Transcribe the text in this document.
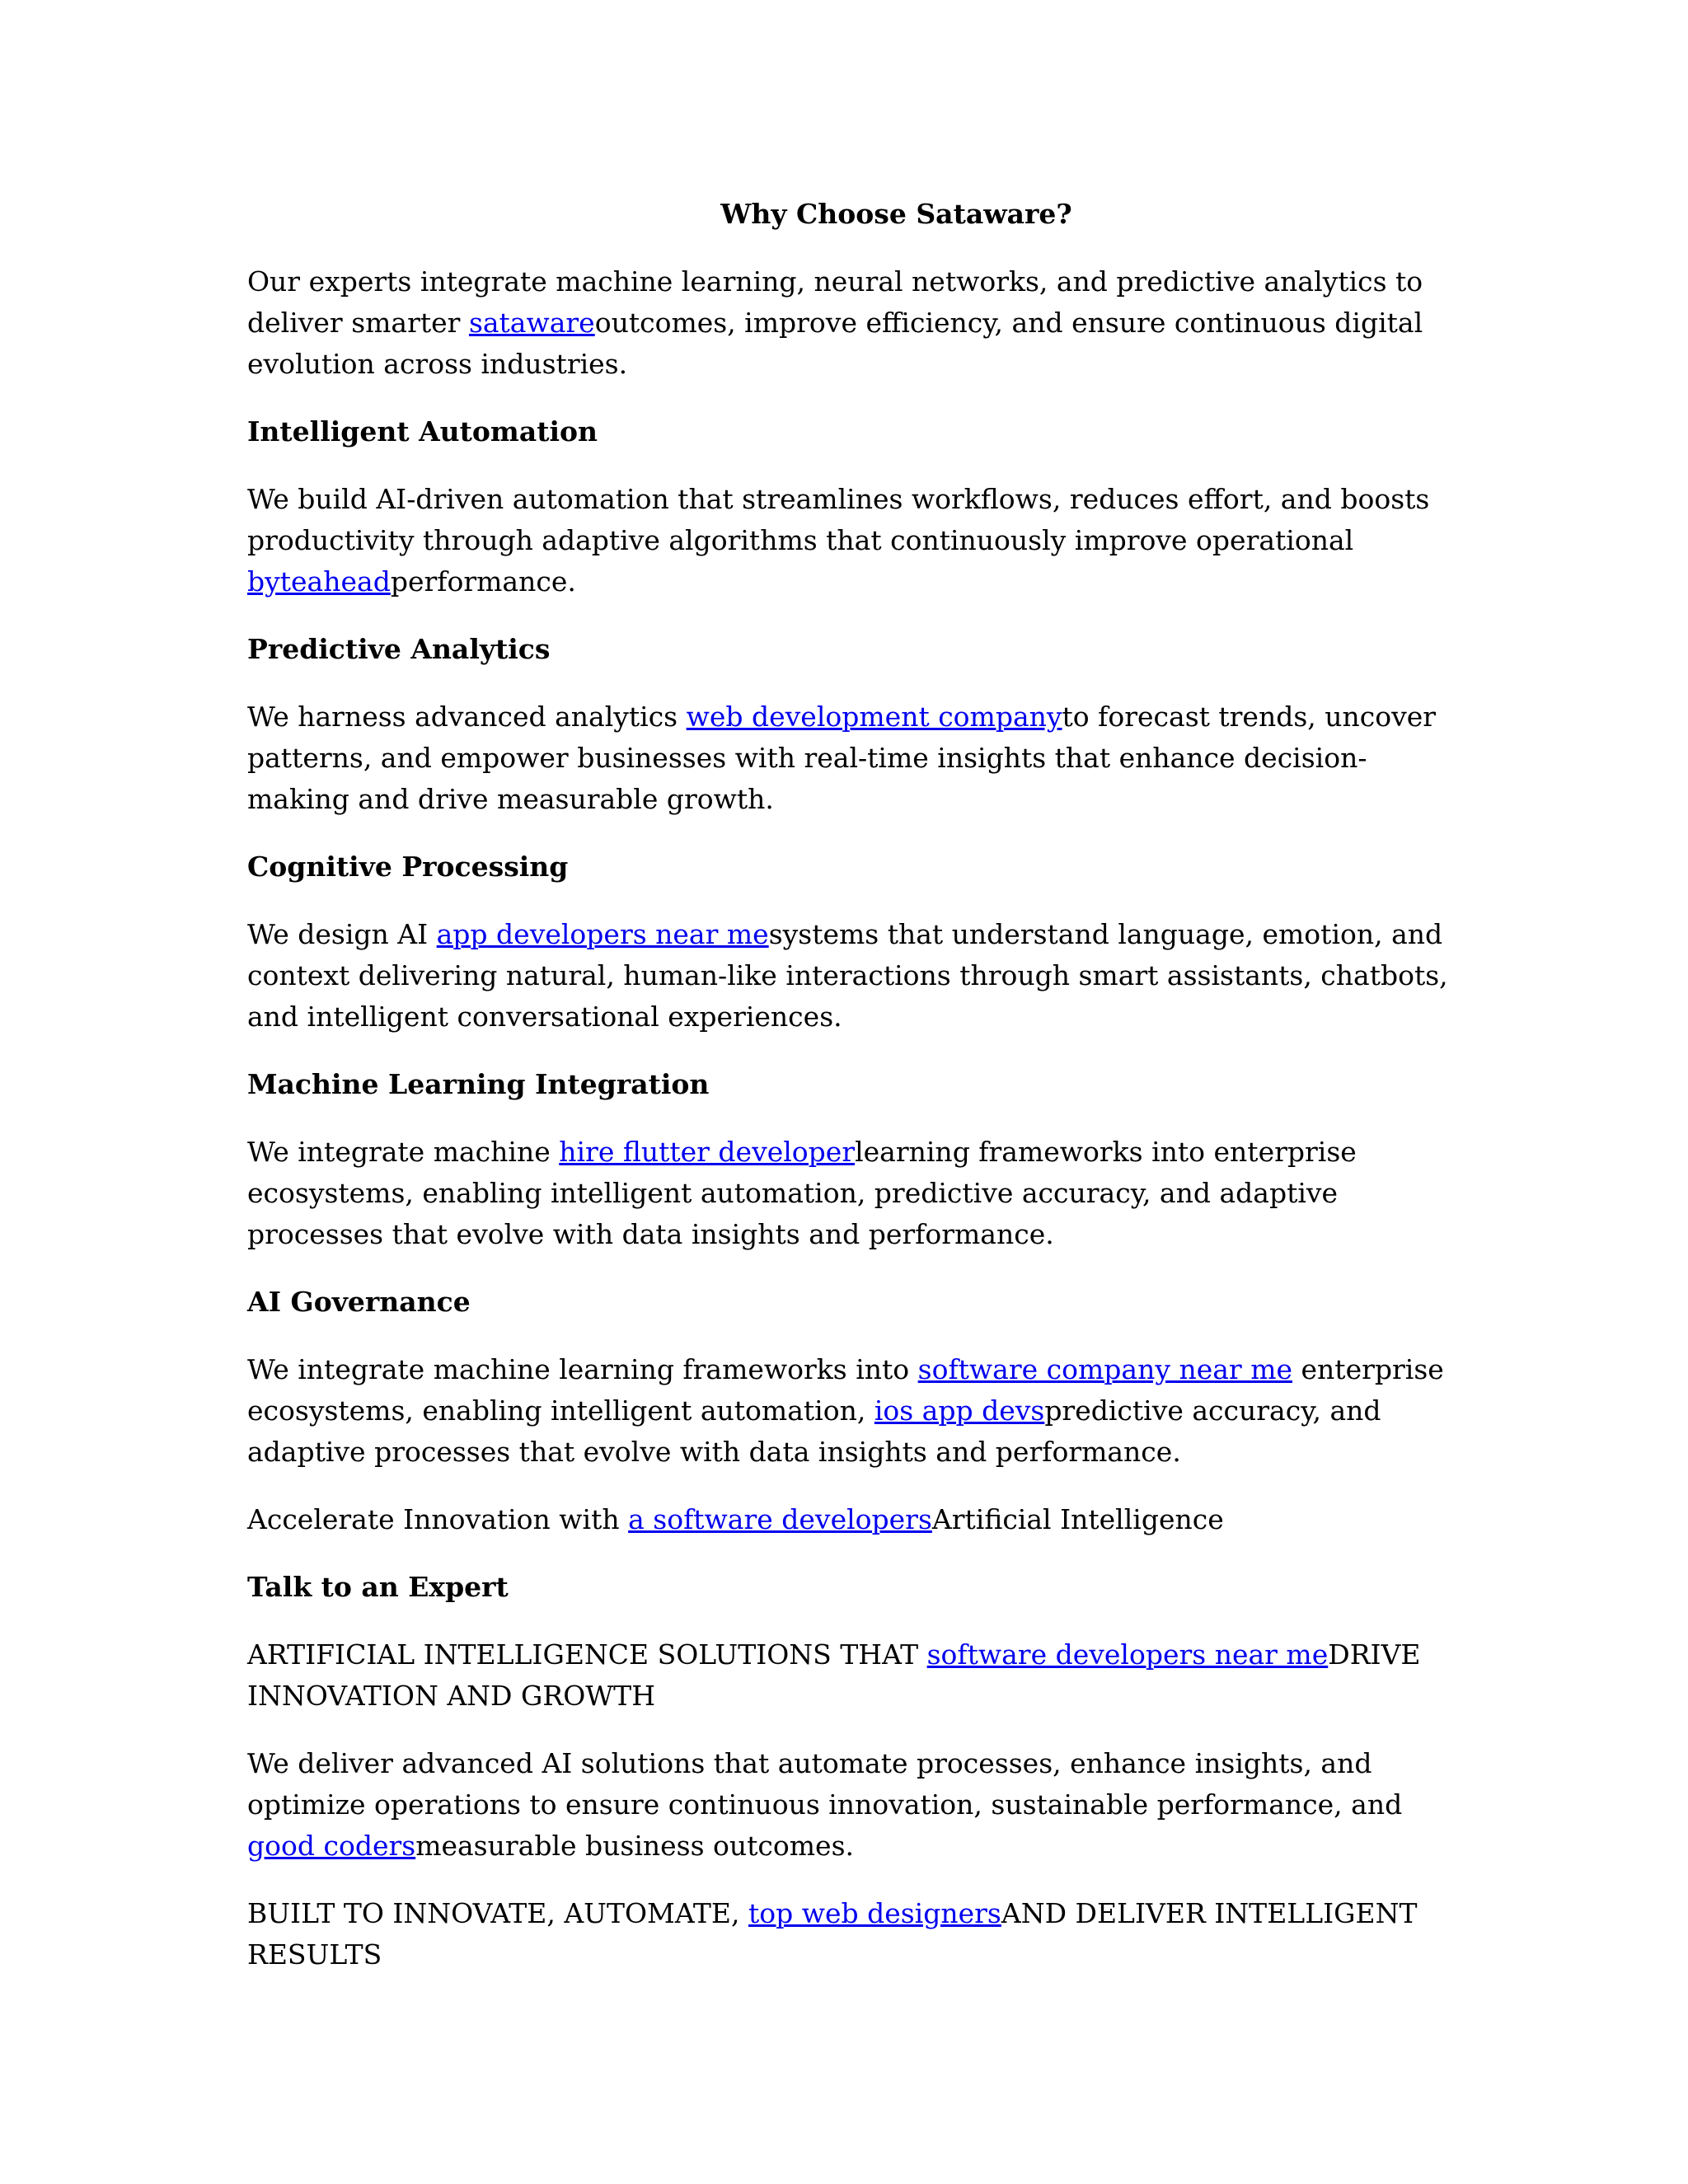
Why Choose Sataware?

Our experts integrate machine learning, neural networks, and predictive analytics to deliver smarter satawareoutcomes, improve efficiency, and ensure continuous digital evolution across industries.

Intelligent Automation

We build AI-driven automation that streamlines workflows, reduces effort, and boosts productivity through adaptive algorithms that continuously improve operational byteaheadperformance.

Predictive Analytics

We harness advanced analytics web development companyto forecast trends, uncover patterns, and empower businesses with real-time insights that enhance decision-making and drive measurable growth.

Cognitive Processing

We design AI app developers near mesystems that understand language, emotion, and context delivering natural, human-like interactions through smart assistants, chatbots, and intelligent conversational experiences.

Machine Learning Integration

We integrate machine hire flutter developerlearning frameworks into enterprise ecosystems, enabling intelligent automation, predictive accuracy, and adaptive processes that evolve with data insights and performance.

AI Governance

We integrate machine learning frameworks into software company near me enterprise ecosystems, enabling intelligent automation, ios app devspredictive accuracy, and adaptive processes that evolve with data insights and performance.

Accelerate Innovation with a software developersArtificial Intelligence

Talk to an Expert

ARTIFICIAL INTELLIGENCE SOLUTIONS THAT software developers near meDRIVE INNOVATION AND GROWTH

We deliver advanced AI solutions that automate processes, enhance insights, and optimize operations to ensure continuous innovation, sustainable performance, and good codersmeasurable business outcomes.

BUILT TO INNOVATE, AUTOMATE, top web designersAND DELIVER INTELLIGENT RESULTS
